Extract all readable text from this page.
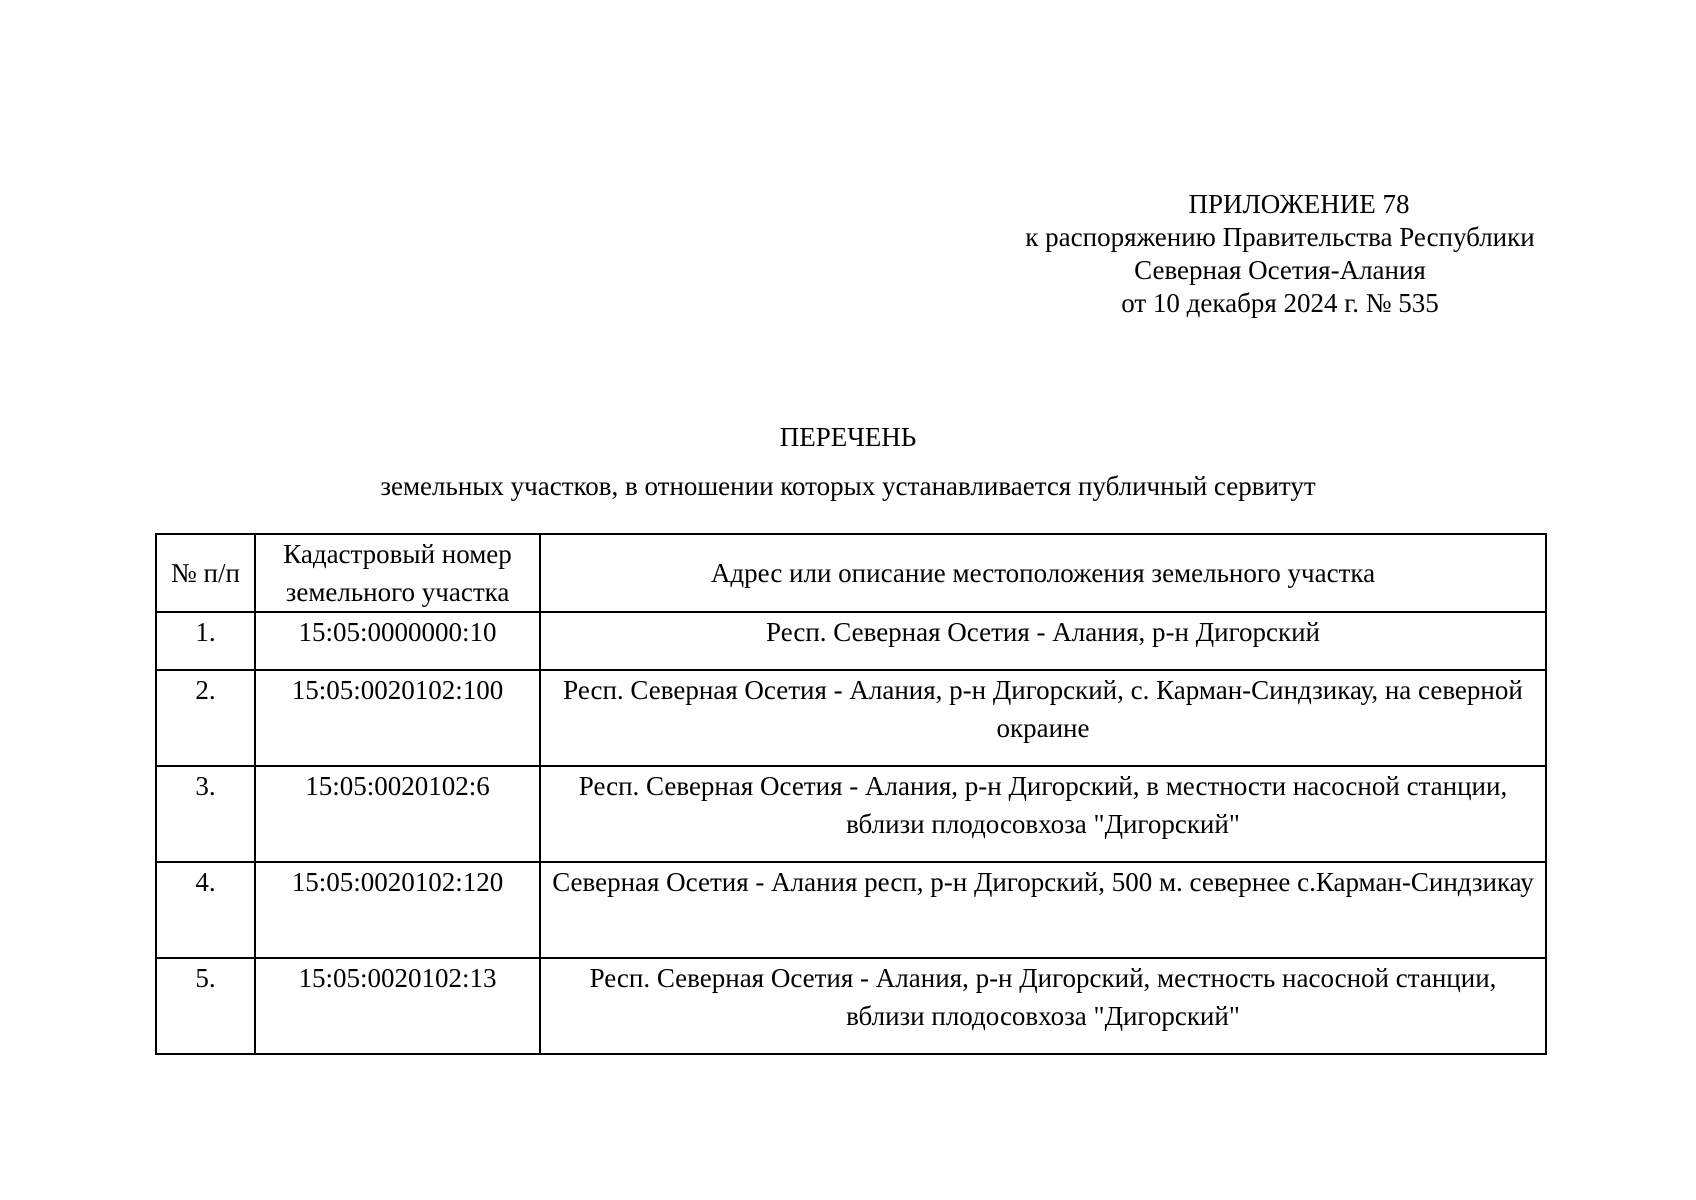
ПРИЛОЖЕНИЕ 78
к распоряжению Правительства Республики
Северная Осетия-Алания
от 10 декабря 2024 г. № 535
ПЕРЕЧЕНЬ
земельных участков, в отношении которых устанавливается публичный сервитут
№ п/п	Кадастровый номер земельного участка	Адрес или описание местоположения земельного участка
1.	15:05:0000000:10	Респ. Северная Осетия - Алания, р-н Дигорский
2.	15:05:0020102:100	Респ. Северная Осетия - Алания, р-н Дигорский, с. Карман-Синдзикау, на северной окраине
3.	15:05:0020102:6	Респ. Северная Осетия - Алания, р-н Дигорский, в местности насосной станции, вблизи плодосовхоза "Дигорский"
4.	15:05:0020102:120	Северная Осетия - Алания респ, р-н Дигорский, 500 м. севернее с.Карман-Синдзикау
5.	15:05:0020102:13	Респ. Северная Осетия - Алания, р-н Дигорский, местность насосной станции, вблизи плодосовхоза "Дигорский"
